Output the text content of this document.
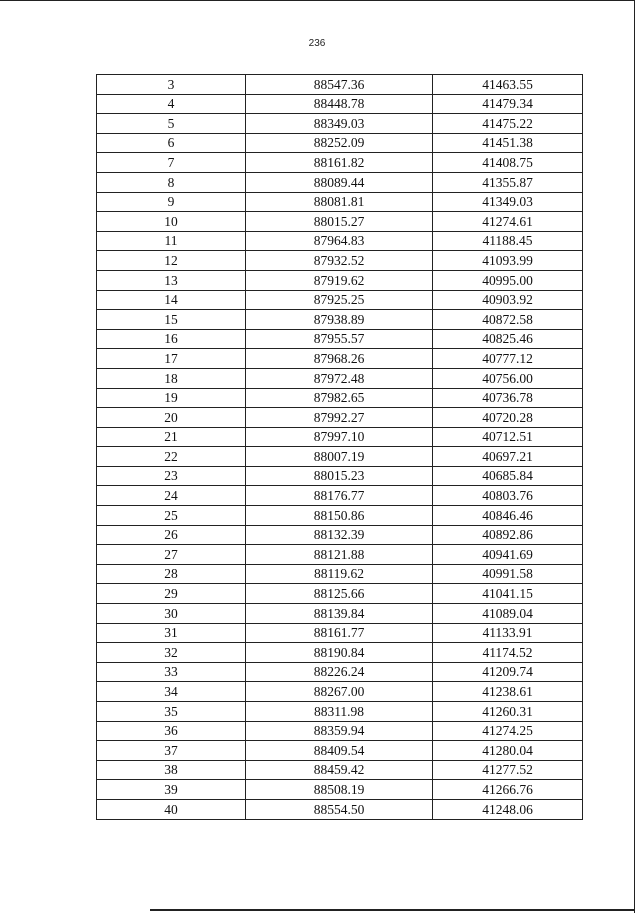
236
3	88547.36	41463.55
4	88448.78	41479.34
5	88349.03	41475.22
6	88252.09	41451.38
7	88161.82	41408.75
8	88089.44	41355.87
9	88081.81	41349.03
10	88015.27	41274.61
11	87964.83	41188.45
12	87932.52	41093.99
13	87919.62	40995.00
14	87925.25	40903.92
15	87938.89	40872.58
16	87955.57	40825.46
17	87968.26	40777.12
18	87972.48	40756.00
19	87982.65	40736.78
20	87992.27	40720.28
21	87997.10	40712.51
22	88007.19	40697.21
23	88015.23	40685.84
24	88176.77	40803.76
25	88150.86	40846.46
26	88132.39	40892.86
27	88121.88	40941.69
28	88119.62	40991.58
29	88125.66	41041.15
30	88139.84	41089.04
31	88161.77	41133.91
32	88190.84	41174.52
33	88226.24	41209.74
34	88267.00	41238.61
35	88311.98	41260.31
36	88359.94	41274.25
37	88409.54	41280.04
38	88459.42	41277.52
39	88508.19	41266.76
40	88554.50	41248.06
